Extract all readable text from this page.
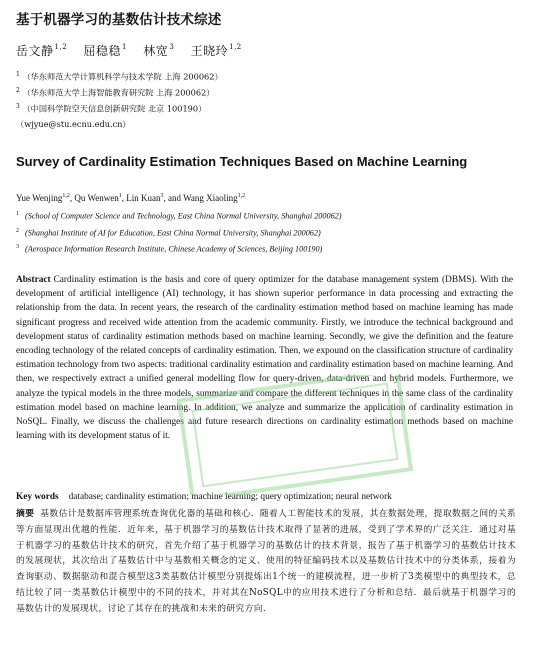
基于机器学习的基数估计技术综述
岳文静$^{1,2}$ 屈稳稳$^1$ 林宽$^3$ 王晓玲$^{1,2}$
$^1$ （华东师范大学计算机科学与技术学院 上海 200062）
$^2$ （华东师范大学上海智能教育研究院 上海 200062）
$^3$ （中国科学院空天信息创新研究院 北京 100190）
（wjyue@stu.ecnu.edu.cn）
Survey of Cardinality Estimation Techniques Based on Machine Learning
Yue Wenjing$^{1,2}$, Qu Wenwen$^1$, Lin Kuan$^3$, and Wang Xiaoling$^{1,2}$
$^1$ (School of Computer Science and Technology, East China Normal University, Shanghai 200062)
$^2$ (Shanghai Institute of AI for Education, East China Normal University, Shanghai 200062)
$^3$ (Aerospace Information Research Institute, Chinese Academy of Sciences, Beijing 100190)
Abstract Cardinality estimation is the basis and core of query optimizer for the database management system (DBMS). With the development of artificial intelligence (AI) technology, it has shown superior performance in data processing and extracting the relationship from the data. In recent years, the research of the cardinality estimation method based on machine learning has made significant progress and received wide attention from the academic community. Firstly, we introduce the technical background and development status of cardinality estimation methods based on machine learning. Secondly, we give the definition and the feature encoding technology of the related concepts of cardinality estimation. Then, we expound on the classification structure of cardinality estimation technology from two aspects: traditional cardinality estimation and cardinality estimation based on machine learning. And then, we respectively extract a unified general modelling flow for query-driven, data-driven and hybrid models. Furthermore, we analyze the typical models in the three models, summarize and compare the different techniques in the same class of the cardinality estimation model based on machine learning. In addition, we analyze and summarize the application of cardinality estimation in NoSQL. Finally, we discuss the challenges and future research directions on cardinality estimation methods based on machine learning with its development status of it.
Key words database; cardinality estimation; machine learning; query optimization; neural network
摘要 基数估计是数据库管理系统查询优化器的基础和核心．随着人工智能技术的发展，其在数据处理，提取数据之间的关系等方面显现出优越的性能．近年来，基于机器学习的基数估计技术取得了显著的进展，受到了学术界的广泛关注．通过对基于机器学习的基数估计技术的研究，首先介绍了基于机器学习的基数估计的技术背景，报告了基于机器学习的基数估计技术的发展现状，其次给出了基数估计中与基数相关概念的定义、使用的特征编码技术以及基数估计技术中的分类体系，接着为查询驱动、数据驱动和混合模型这3类基数估计模型分别提炼出1个统一的建模流程，进一步析了3类模型中的典型技术，总结比较了同一类基数估计模型中的不同的技术，并对其在NoSQL中的应用技术进行了分析和总结．最后就基于机器学习的基数估计的发展现状，讨论了其存在的挑战和未来的研究方向．
